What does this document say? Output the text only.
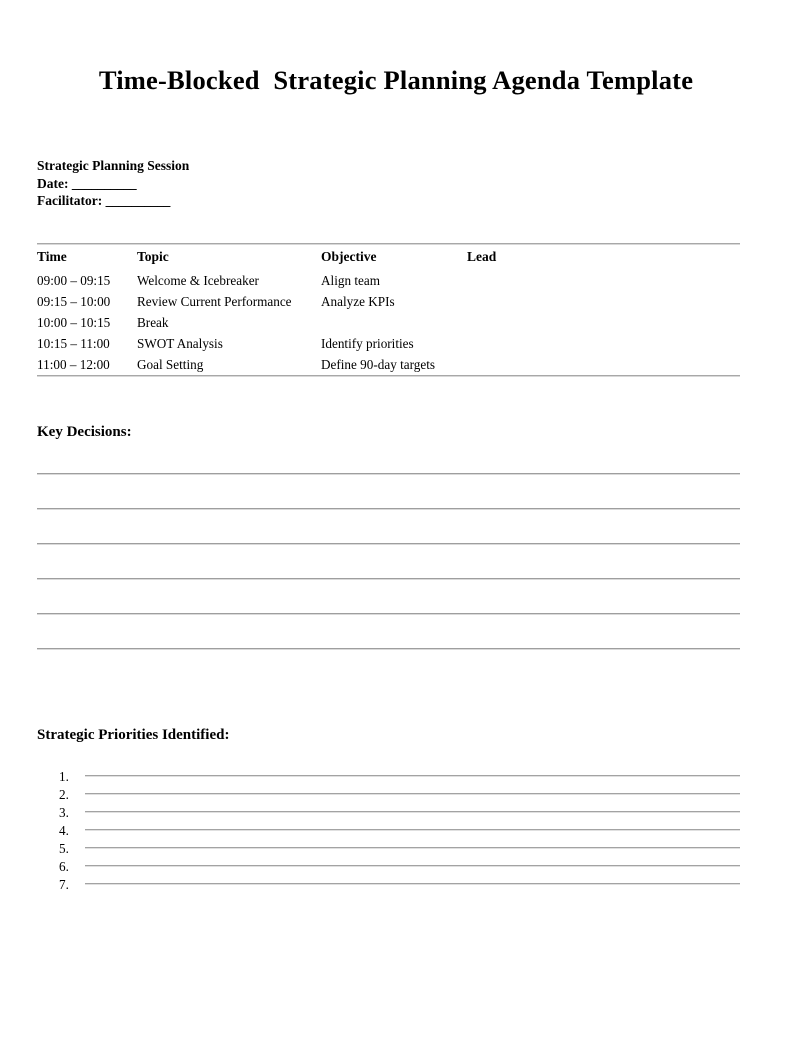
Time-Blocked  Strategic Planning Agenda Template
Strategic Planning Session
Date: __________
Facilitator: __________
Time	Topic	Objective	Lead
09:00 – 09:15	Welcome & Icebreaker	Align team	
09:15 – 10:00	Review Current Performance	Analyze KPIs	
10:00 – 10:15	Break		
10:15 – 11:00	SWOT Analysis	Identify priorities	
11:00 – 12:00	Goal Setting	Define 90-day targets	
Key Decisions:
Strategic Priorities Identified:
1.
2.
3.
4.
5.
6.
7.
